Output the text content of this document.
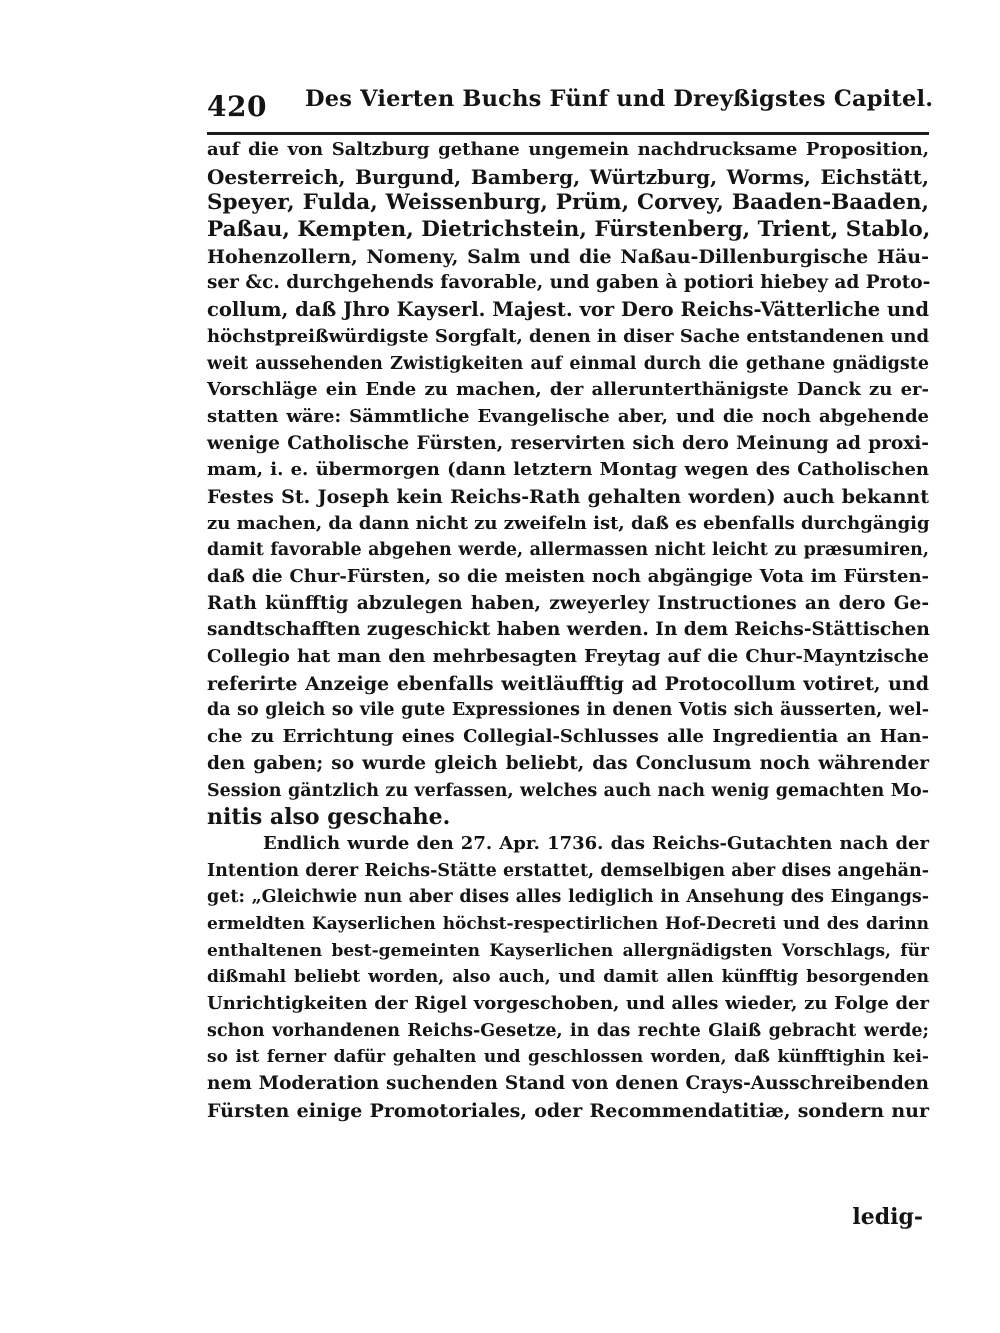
420 Des Vierten Buchs Fünf und Dreyßigstes Capitel.
auf die von Saltzburg gethane ungemein nachdrucksame Proposition,
Oesterreich, Burgund, Bamberg, Würtzburg, Worms, Eichstätt,
Speyer, Fulda, Weissenburg, Prüm, Corvey, Baaden-Baaden,
Paßau, Kempten, Dietrichstein, Fürstenberg, Trient, Stablo,
Hohenzollern, Nomeny, Salm und die Naßau-Dillenburgische Häu-
ser &c. durchgehends favorable, und gaben à potiori hiebey ad Proto-
collum, daß Jhro Kayserl. Majest. vor Dero Reichs-Vätterliche und
höchstpreißwürdigste Sorgfalt, denen in diser Sache entstandenen und
weit aussehenden Zwistigkeiten auf einmal durch die gethane gnädigste
Vorschläge ein Ende zu machen, der allerunterthänigste Danck zu er-
statten wäre: Sämmtliche Evangelische aber, und die noch abgehende
wenige Catholische Fürsten, reservirten sich dero Meinung ad proxi-
mam, i. e. übermorgen (dann letztern Montag wegen des Catholischen
Festes St. Joseph kein Reichs-Rath gehalten worden) auch bekannt
zu machen, da dann nicht zu zweifeln ist, daß es ebenfalls durchgängig
damit favorable abgehen werde, allermassen nicht leicht zu præsumiren,
daß die Chur-Fürsten, so die meisten noch abgängige Vota im Fürsten-
Rath künfftig abzulegen haben, zweyerley Instructiones an dero Ge-
sandtschafften zugeschickt haben werden. In dem Reichs-Stättischen
Collegio hat man den mehrbesagten Freytag auf die Chur-Mayntzische
referirte Anzeige ebenfalls weitläufftig ad Protocollum votiret, und
da so gleich so vile gute Expressiones in denen Votis sich äusserten, wel-
che zu Errichtung eines Collegial-Schlusses alle Ingredientia an Han-
den gaben; so wurde gleich beliebt, das Conclusum noch währender
Session gäntzlich zu verfassen, welches auch nach wenig gemachten Mo-
nitis also geschahe.
Endlich wurde den 27. Apr. 1736. das Reichs-Gutachten nach der
Intention derer Reichs-Stätte erstattet, demselbigen aber dises angehän-
get: „Gleichwie nun aber dises alles lediglich in Ansehung des Eingangs-
ermeldten Kayserlichen höchst-respectirlichen Hof-Decreti und des darinn
enthaltenen best-gemeinten Kayserlichen allergnädigsten Vorschlags, für
dißmahl beliebt worden, also auch, und damit allen künfftig besorgenden
Unrichtigkeiten der Rigel vorgeschoben, und alles wieder, zu Folge der
schon vorhandenen Reichs-Gesetze, in das rechte Glaiß gebracht werde;
so ist ferner dafür gehalten und geschlossen worden, daß künfftighin kei-
nem Moderation suchenden Stand von denen Crays-Ausschreibenden
Fürsten einige Promotoriales, oder Recommendatitiæ, sondern nur
ledig-
